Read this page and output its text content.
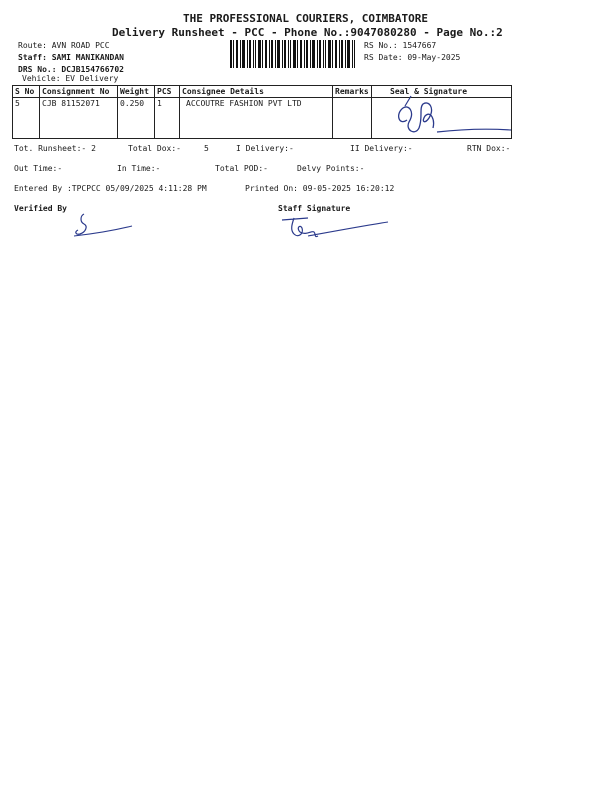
THE PROFESSIONAL COURIERS, COIMBATORE
Delivery Runsheet - PCC - Phone No.:9047080280 - Page No.:2
Route: AVN ROAD PCC
Staff: SAMI MANIKANDAN
DRS No.: DCJB154766702
Vehicle: EV Delivery
RS No.: 1547667
RS Date: 09-May-2025
S No	Consignment No	Weight	PCS	Consignee Details	Remarks	Seal & Signature
5	CJB 81152071	0.250	1	ACCOUTRE FASHION PVT LTD		
Tot. Runsheet:- 2	Total Dox:-	5	I Delivery:-	II Delivery:-	RTN Dox:-
Out Time:-	In Time:-	Total POD:-	Delvy Points:-
Entered By :TPCPCC 05/09/2025 4:11:28 PM	Printed On: 09-05-2025 16:20:12
Verified By	Staff Signature
